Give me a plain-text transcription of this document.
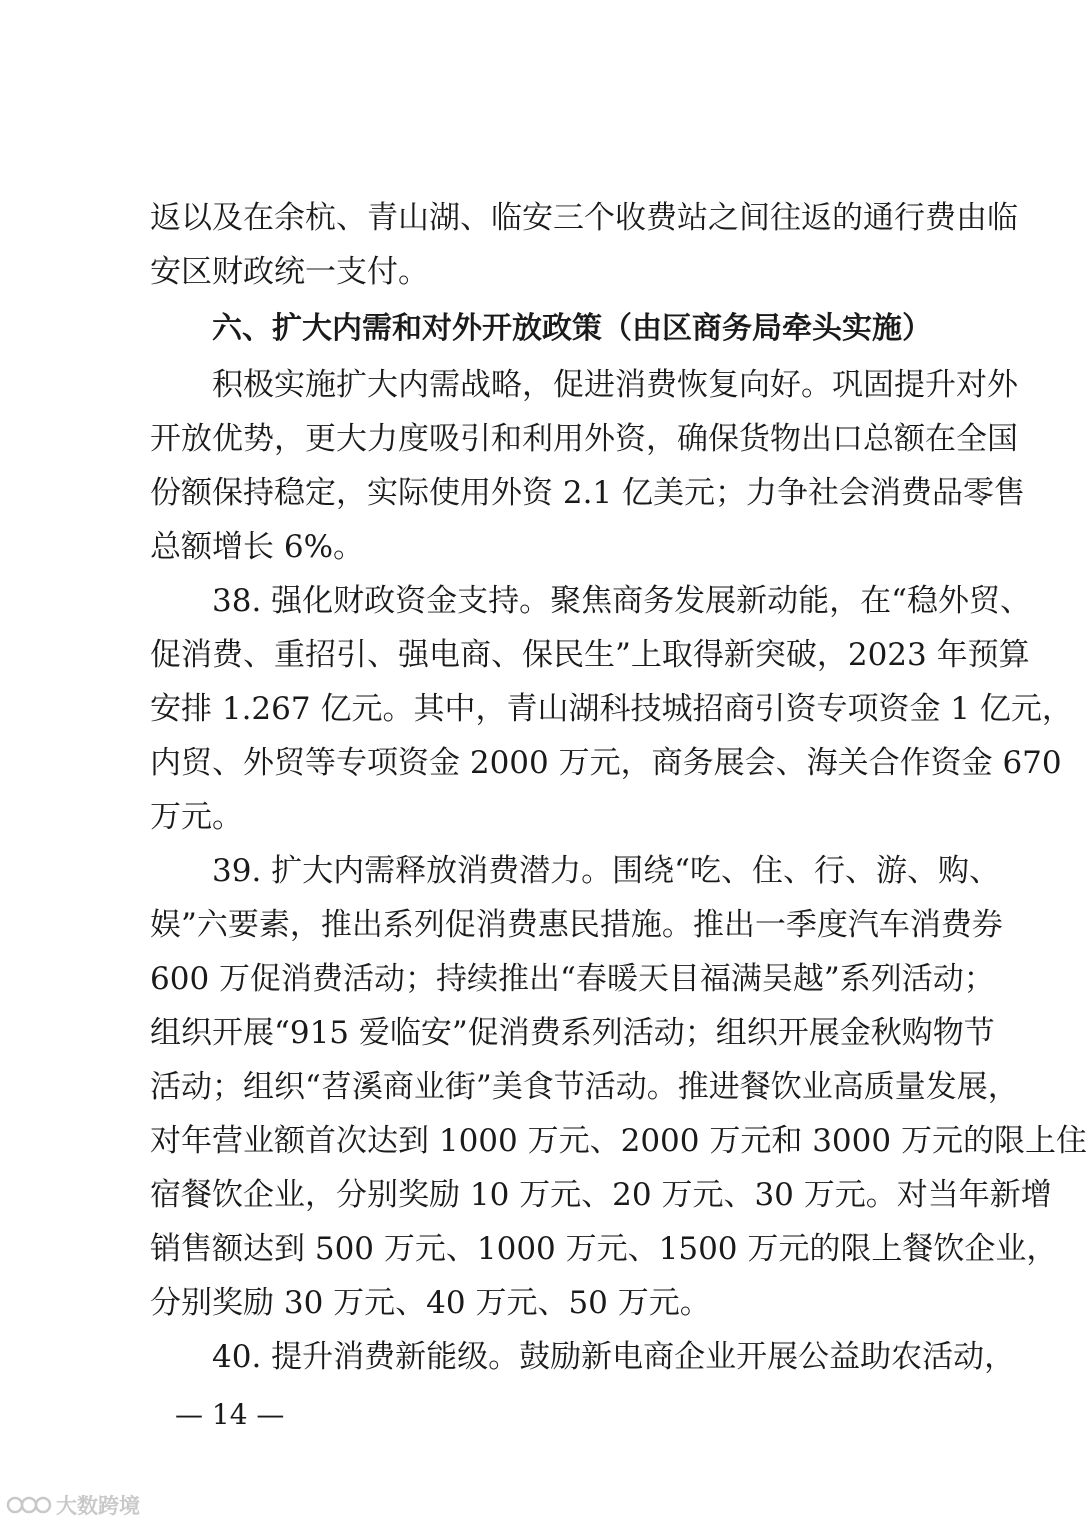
返以及在余杭、青山湖、临安三个收费站之间往返的通行费由临
安区财政统一支付。
六、扩大内需和对外开放政策（由区商务局牵头实施）
积极实施扩大内需战略，促进消费恢复向好。巩固提升对外
开放优势，更大力度吸引和利用外资，确保货物出口总额在全国
份额保持稳定，实际使用外资 2.1 亿美元；力争社会消费品零售
总额增长 6%。
38. 强化财政资金支持。聚焦商务发展新动能，在“稳外贸、
促消费、重招引、强电商、保民生”上取得新突破，2023 年预算
安排 1.267 亿元。其中，青山湖科技城招商引资专项资金 1 亿元，
内贸、外贸等专项资金 2000 万元，商务展会、海关合作资金 670
万元。
39. 扩大内需释放消费潜力。围绕“吃、住、行、游、购、
娱”六要素，推出系列促消费惠民措施。推出一季度汽车消费券
600 万促消费活动；持续推出“春暖天目福满吴越”系列活动；
组织开展“915 爱临安”促消费系列活动；组织开展金秋购物节
活动；组织“苕溪商业街”美食节活动。推进餐饮业高质量发展，
对年营业额首次达到 1000 万元、2000 万元和 3000 万元的限上住
宿餐饮企业，分别奖励 10 万元、20 万元、30 万元。对当年新增
销售额达到 500 万元、1000 万元、1500 万元的限上餐饮企业，
分别奖励 30 万元、40 万元、50 万元。
40. 提升消费新能级。鼓励新电商企业开展公益助农活动，
— 14 —
大数跨境
